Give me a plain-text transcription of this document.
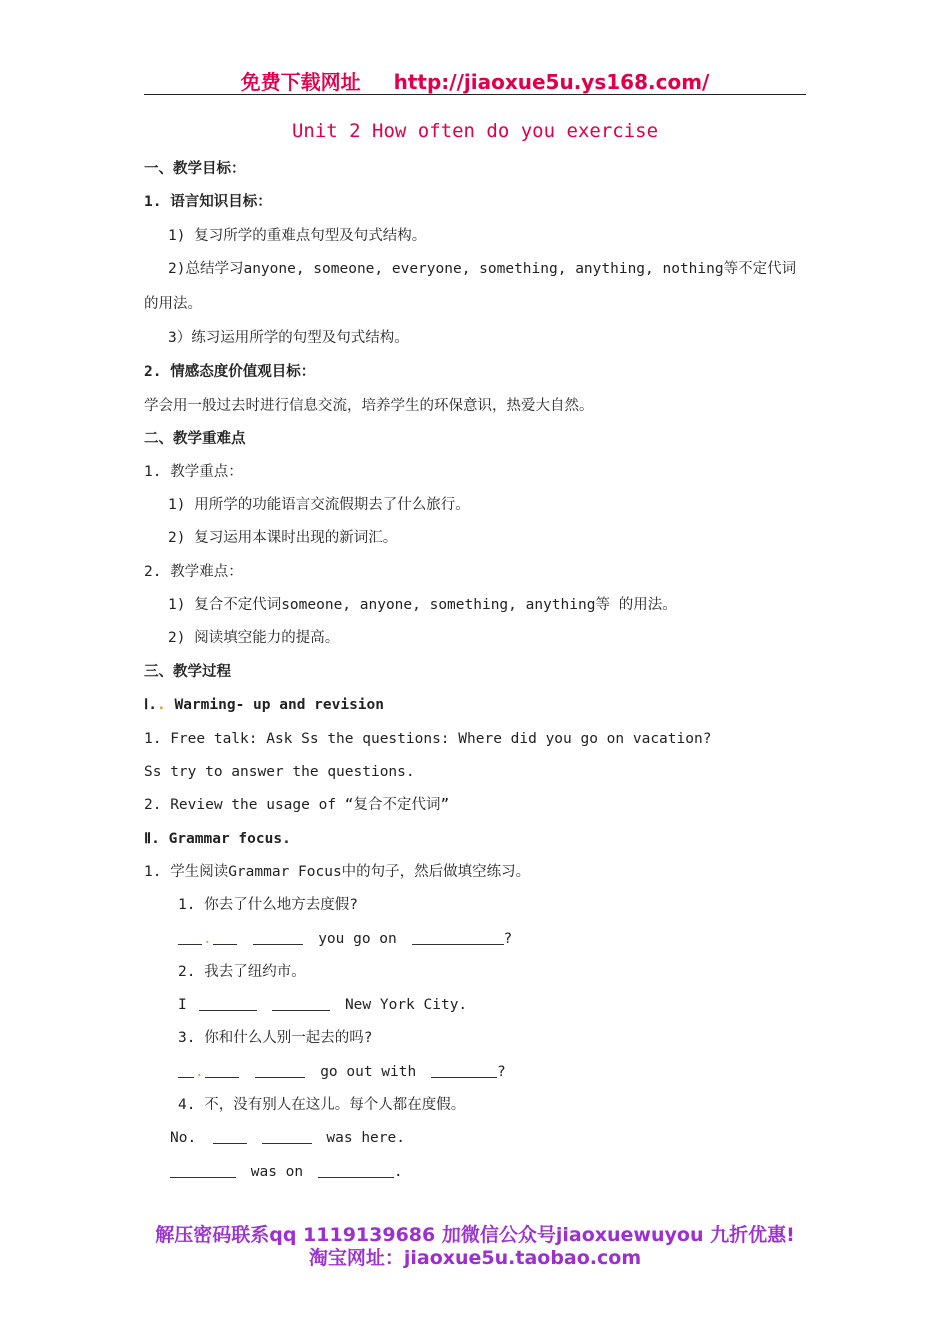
免费下载网址 http://jiaoxue5u.ys168.com/
Unit 2 How often do you exercise
一、教学目标：
1. 语言知识目标：
1) 复习所学的重难点句型及句式结构。
2)总结学习anyone, someone, everyone, something, anything, nothing等不定代词
的用法。
3）练习运用所学的句型及句式结构。
2. 情感态度价值观目标：
学会用一般过去时进行信息交流，培养学生的环保意识，热爱大自然。
二、教学重难点
1. 教学重点：
1) 用所学的功能语言交流假期去了什么旅行。
2) 复习运用本课时出现的新词汇。
2. 教学难点：
1) 复合不定代词someone, anyone, something, anything等 的用法。
2) 阅读填空能力的提高。
三、教学过程
Ⅰ.. Warming- up and revision
1. Free talk: Ask Ss the questions: Where did you go on vacation?
Ss try to answer the questions.
2. Review the usage of “复合不定代词”
Ⅱ. Grammar focus.
1. 学生阅读Grammar Focus中的句子，然后做填空练习。
1. 你去了什么地方去度假?
.	you go on	?
2. 我去了纽约市。
I	New York City.
3. 你和什么人别一起去的吗?
.	go out with	?
4. 不，没有别人在这儿。每个人都在度假。
No.	was here.
was on	.
解压密码联系qq 1119139686 加微信公众号jiaoxuewuyou 九折优惠!
淘宝网址：jiaoxue5u.taobao.com
